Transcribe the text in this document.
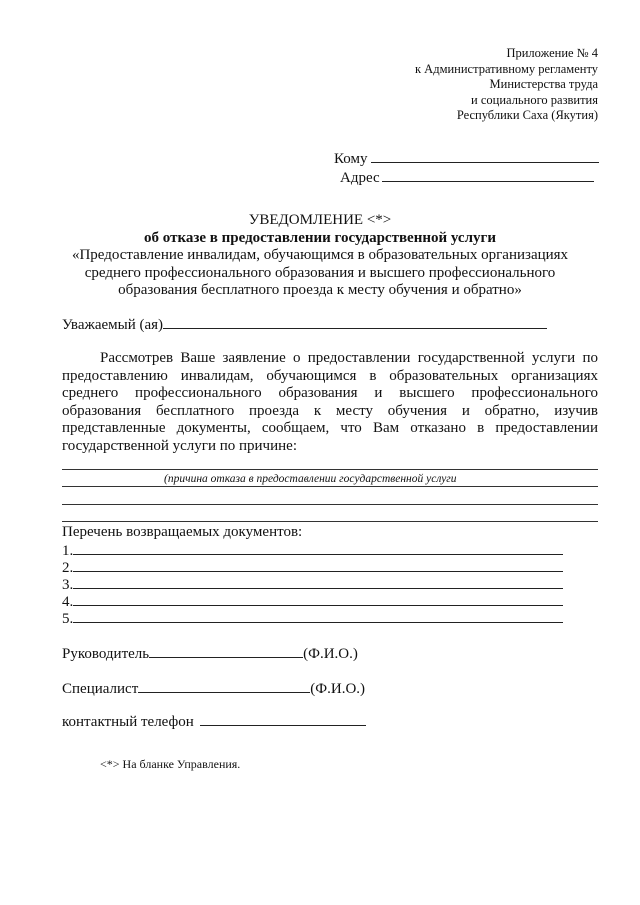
Приложение № 4
к Административному регламенту
Министерства труда
и социального развития
Республики Саха (Якутия)
Кому
Адрес
УВЕДОМЛЕНИЕ <*>
об отказе в предоставлении государственной услуги
«Предоставление инвалидам, обучающимся в образовательных организациях
среднего профессионального образования и высшего профессионального
образования бесплатного проезда к месту обучения и обратно»
Уважаемый (ая)
Рассмотрев Ваше заявление о предоставлении государственной услуги по предоставлению инвалидам, обучающимся в образовательных организациях среднего профессионального образования и высшего профессионального образования бесплатного проезда к месту обучения и обратно, изучив представленные документы, сообщаем, что Вам отказано в предоставлении государственной услуги по причине:
(причина отказа в предоставлении государственной услуги
Перечень возвращаемых документов:
1.
2.
3.
4.
5.
Руководитель	(Ф.И.О.)
Специалист	(Ф.И.О.)
контактный телефон
<*> На бланке Управления.
